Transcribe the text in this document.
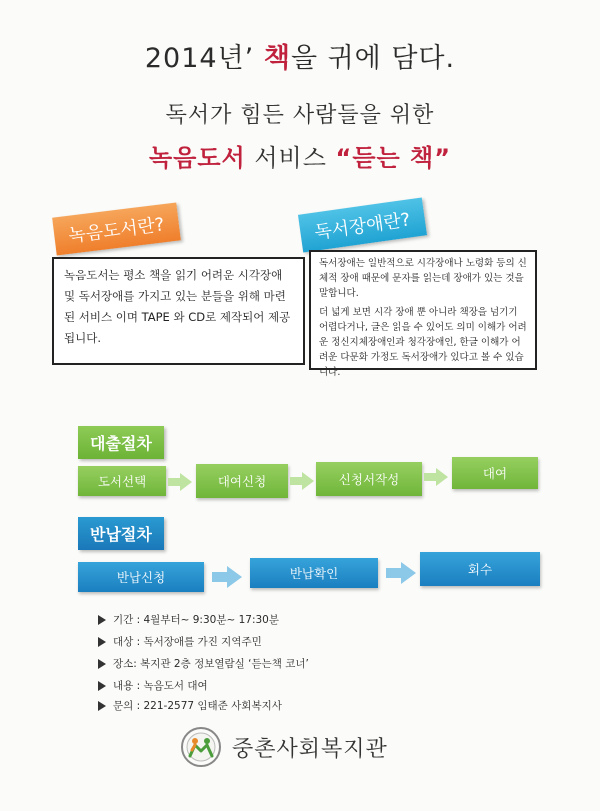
2014년’ 책을 귀에 담다.
독서가 힘든 사람들을 위한
녹음도서 서비스 “듣는 책”
녹음도서란?	독서장애란?
녹음도서는 평소 책을 읽기 어려운 시각장애 및 독서장애를 가지고 있는 분들을 위해 마련된 서비스 이며 TAPE 와 CD로 제작되어 제공 됩니다.
독서장애는 일반적으로 시각장애나 노령화 등의 신체적 장애 때문에 문자를 읽는데 장애가 있는 것을 말합니다.
더 넓게 보면 시각 장애 뿐 아니라 책장을 넘기기 어렵다거나, 글은 읽을 수 있어도 의미 이해가 어려운 정신지체장애인과 청각장애인, 한글 이해가 어려운 다문화 가정도 독서장애가 있다고 볼 수 있습니다.
대출절차
도서선택	대여신청	신청서작성	대여
반납절차
반납신청	반납확인	회수
기간 : 4월부터~ 9:30분~ 17:30분
대상 : 독서장애를 가진 지역주민
장소: 복지관 2층 정보열람실 ‘듣는책 코너’
내용 : 녹음도서 대여
문의 : 221-2577 임태준 사회복지사
중촌사회복지관
